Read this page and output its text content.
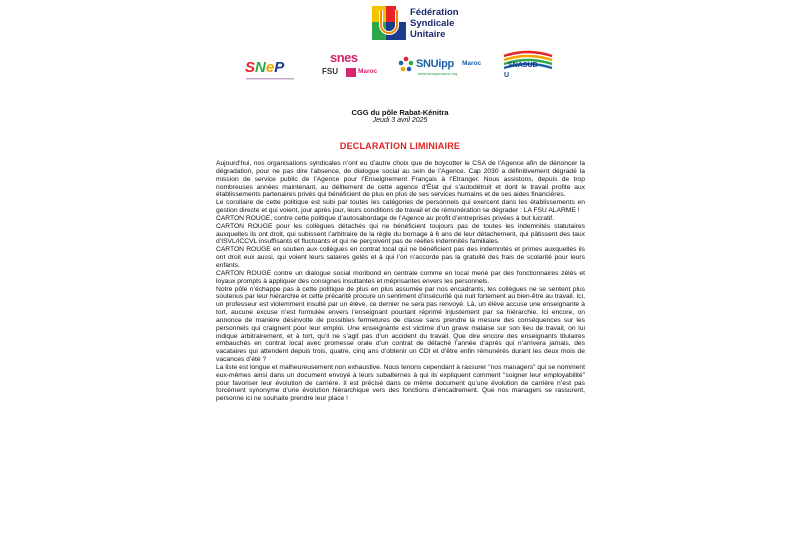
Fédération
Syndicale
Unitaire
SNeP
snes
FSU	Maroc
SNUipp Maroc
www.snuippmaroc.org
SNASUB
U
CGG du pôle Rabat-Kénitra
Jeudi 3 avril 2025
DECLARATION LIMINIAIRE

Aujourd’hui, nos organisations syndicales n’ont eu d’autre choix que de boycotter le CSA de l’Agence afin de dénoncer la dégradation, pour ne pas dire l’absence, de dialogue social au sein de l’Agence. Cap 2030 a définitivement dégradé la mission de service public de l’Agence pour l’Enseignement Français à l’Etranger. Nous assistons, depuis de trop nombreuses années maintenant, au délitement de cette agence d’État qui s’autodétruit et dont le travail profite aux établissements partenaires privés qui bénéficient de plus en plus de ses services humains et de ses aides financières.

Le corollaire de cette politique est subi par toutes les catégories de personnels qui exercent dans les établissements en gestion directe et qui voient, jour après jour, leurs conditions de travail et de rémunération se dégrader : LA FSU ALARME !

CARTON ROUGE, contre cette politique d’autosabordage de l’Agence au profit d’entreprises privées à but lucratif.

CARTON ROUGE pour les collègues détachés qui ne bénéficient toujours pas de toutes les indemnités statutaires auxquelles ils ont droit, qui subissent l’arbitraire de la règle du bornage à 6 ans de leur détachement, qui pâtissent des taux d’ISVL/ICCVL insuffisants et fluctuants et qui ne perçoivent pas de réelles indemnités familiales.

CARTON ROUGE en soutien aux collègues en contrat local qui ne bénéficient pas des indemnités et primes auxquelles ils ont droit eux aussi, qui voient leurs salaires gelés et à qui l’on n’accorde pas la gratuité des frais de scolarité pour leurs enfants.

CARTON ROUGE contre un dialogue social moribond en centrale comme en local mené par des fonctionnaires zélés et loyaux prompts à appliquer des consignes insultantes et méprisantes envers les personnels.

Notre pôle n’échappe pas à cette politique de plus en plus assumée par nos encadrants, les collègues ne se sentent plus soutenus par leur hiérarchie et cette précarité procure un sentiment d’insécurité qui nuit fortement au bien-être au travail. Ici, un professeur est violemment insulté par un élève, ce dernier ne sera pas renvoyé. Là, un élève accuse une enseignante à tort, aucune excuse n’est formulée envers l’enseignant pourtant réprimé injustement par sa hiérarchie. Ici encore, on annonce de manière désinvolte de possibles fermetures de classe sans prendre la mesure des conséquences sur les personnels qui craignent pour leur emploi. Une enseignante est victime d’un grave malaise sur son lieu de travail, on lui indique arbitrairement, et à tort, qu’il ne s’agit pas d’un accident du travail. Que dire encore des enseignants titulaires embauchés en contrat local avec promesse orale d’un contrat de détaché l’année d’après qui n’arrivera jamais, des vacataires qui attendent depuis trois, quatre, cinq ans d’obtenir un CDI et d’être enfin rémunérés durant les deux mois de vacances d’été ?

La liste est longue et malheureusement non exhaustive. Nous tenons cependant à rassurer "nos managers" qui se nomment eux-mêmes ainsi dans un document envoyé à leurs subalternes à qui ils expliquent comment "soigner leur employabilité" pour favoriser leur évolution de carrière. Il est précisé dans ce même document qu’une évolution de carrière n’est pas forcément synonyme d’une évolution hiérarchique vers des fonctions d’encadrement. Que nos managers se rassurent, personne ici ne souhaite prendre leur place !
